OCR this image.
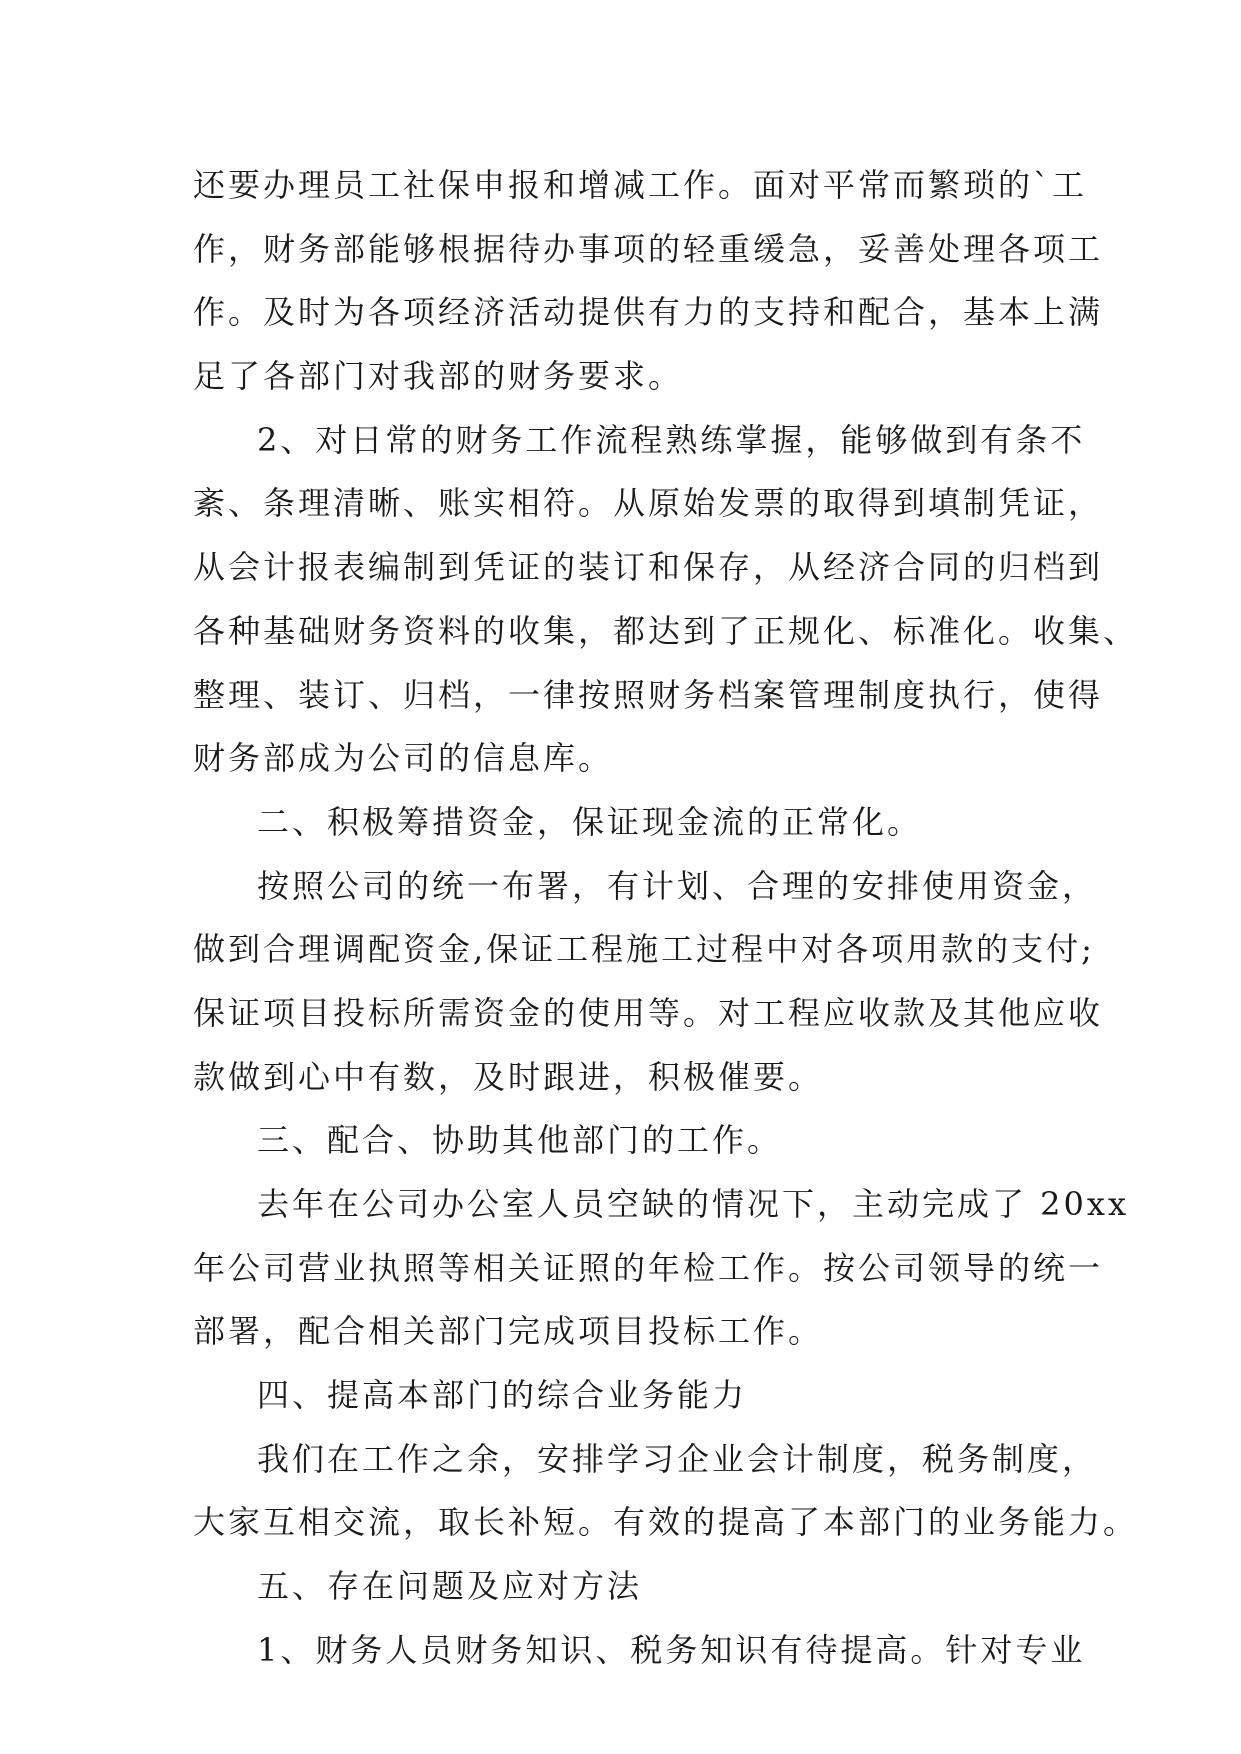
还要办理员工社保申报和增减工作。面对平常而繁琐的`工
作，财务部能够根据待办事项的轻重缓急，妥善处理各项工
作。及时为各项经济活动提供有力的支持和配合，基本上满
足了各部门对我部的财务要求。
2、对日常的财务工作流程熟练掌握，能够做到有条不
紊、条理清晰、账实相符。从原始发票的取得到填制凭证，
从会计报表编制到凭证的装订和保存，从经济合同的归档到
各种基础财务资料的收集，都达到了正规化、标准化。收集、
整理、装订、归档，一律按照财务档案管理制度执行，使得
财务部成为公司的信息库。
二、积极筹措资金，保证现金流的正常化。
按照公司的统一布署，有计划、合理的安排使用资金，
做到合理调配资金,保证工程施工过程中对各项用款的支付;
保证项目投标所需资金的使用等。对工程应收款及其他应收
款做到心中有数，及时跟进，积极催要。
三、配合、协助其他部门的工作。
去年在公司办公室人员空缺的情况下，主动完成了 20xx
年公司营业执照等相关证照的年检工作。按公司领导的统一
部署，配合相关部门完成项目投标工作。
四、提高本部门的综合业务能力
我们在工作之余，安排学习企业会计制度，税务制度，
大家互相交流，取长补短。有效的提高了本部门的业务能力。
五、存在问题及应对方法
1、财务人员财务知识、税务知识有待提高。针对专业
